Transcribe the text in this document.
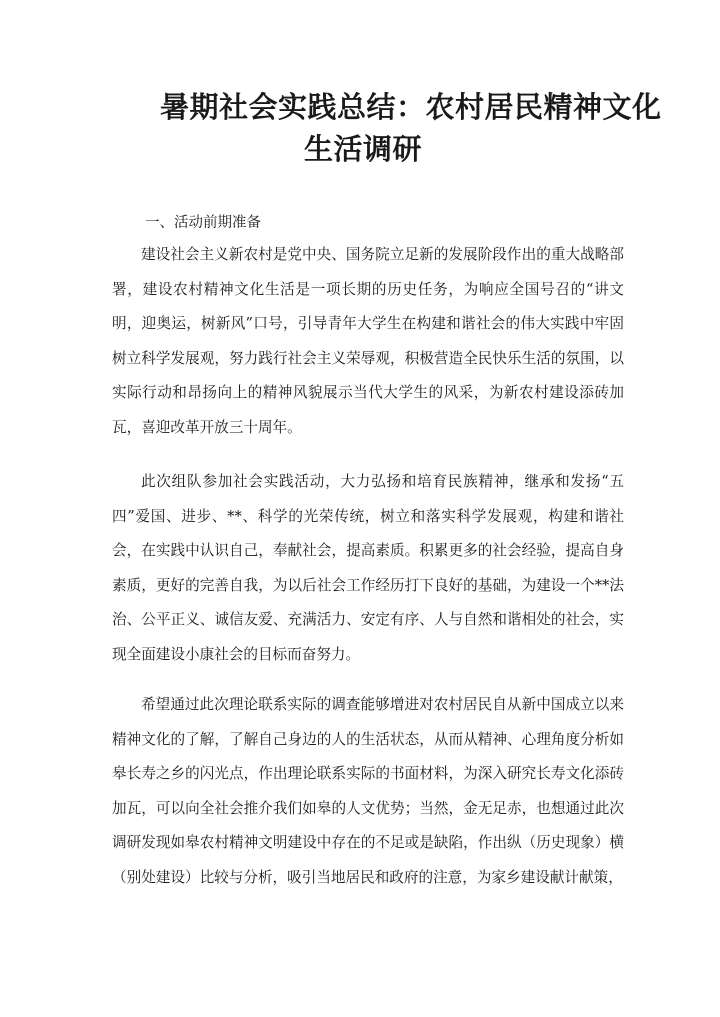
暑期社会实践总结：农村居民精神文化
生活调研
一、活动前期准备

建设社会主义新农村是党中央、国务院立足新的发展阶段作出的重大战略部署，建设农村精神文化生活是一项长期的历史任务，为响应全国号召的“讲文明，迎奥运，树新风”口号，引导青年大学生在构建和谐社会的伟大实践中牢固树立科学发展观，努力践行社会主义荣辱观，积极营造全民快乐生活的氛围，以实际行动和昂扬向上的精神风貌展示当代大学生的风采，为新农村建设添砖加瓦，喜迎改革开放三十周年。

此次组队参加社会实践活动，大力弘扬和培育民族精神，继承和发扬“五四”爱国、进步、**、科学的光荣传统，树立和落实科学发展观，构建和谐社会，在实践中认识自己，奉献社会，提高素质。积累更多的社会经验，提高自身素质，更好的完善自我，为以后社会工作经历打下良好的基础，为建设一个**法治、公平正义、诚信友爱、充满活力、安定有序、人与自然和谐相处的社会，实现全面建设小康社会的目标而奋努力。

希望通过此次理论联系实际的调查能够增进对农村居民自从新中国成立以来精神文化的了解，了解自己身边的人的生活状态，从而从精神、心理角度分析如皋长寿之乡的闪光点，作出理论联系实际的书面材料，为深入研究长寿文化添砖加瓦，可以向全社会推介我们如皋的人文优势；当然，金无足赤，也想通过此次调研发现如皋农村精神文明建设中存在的不足或是缺陷，作出纵（历史现象）横（别处建设）比较与分析，吸引当地居民和政府的注意，为家乡建设献计献策，
